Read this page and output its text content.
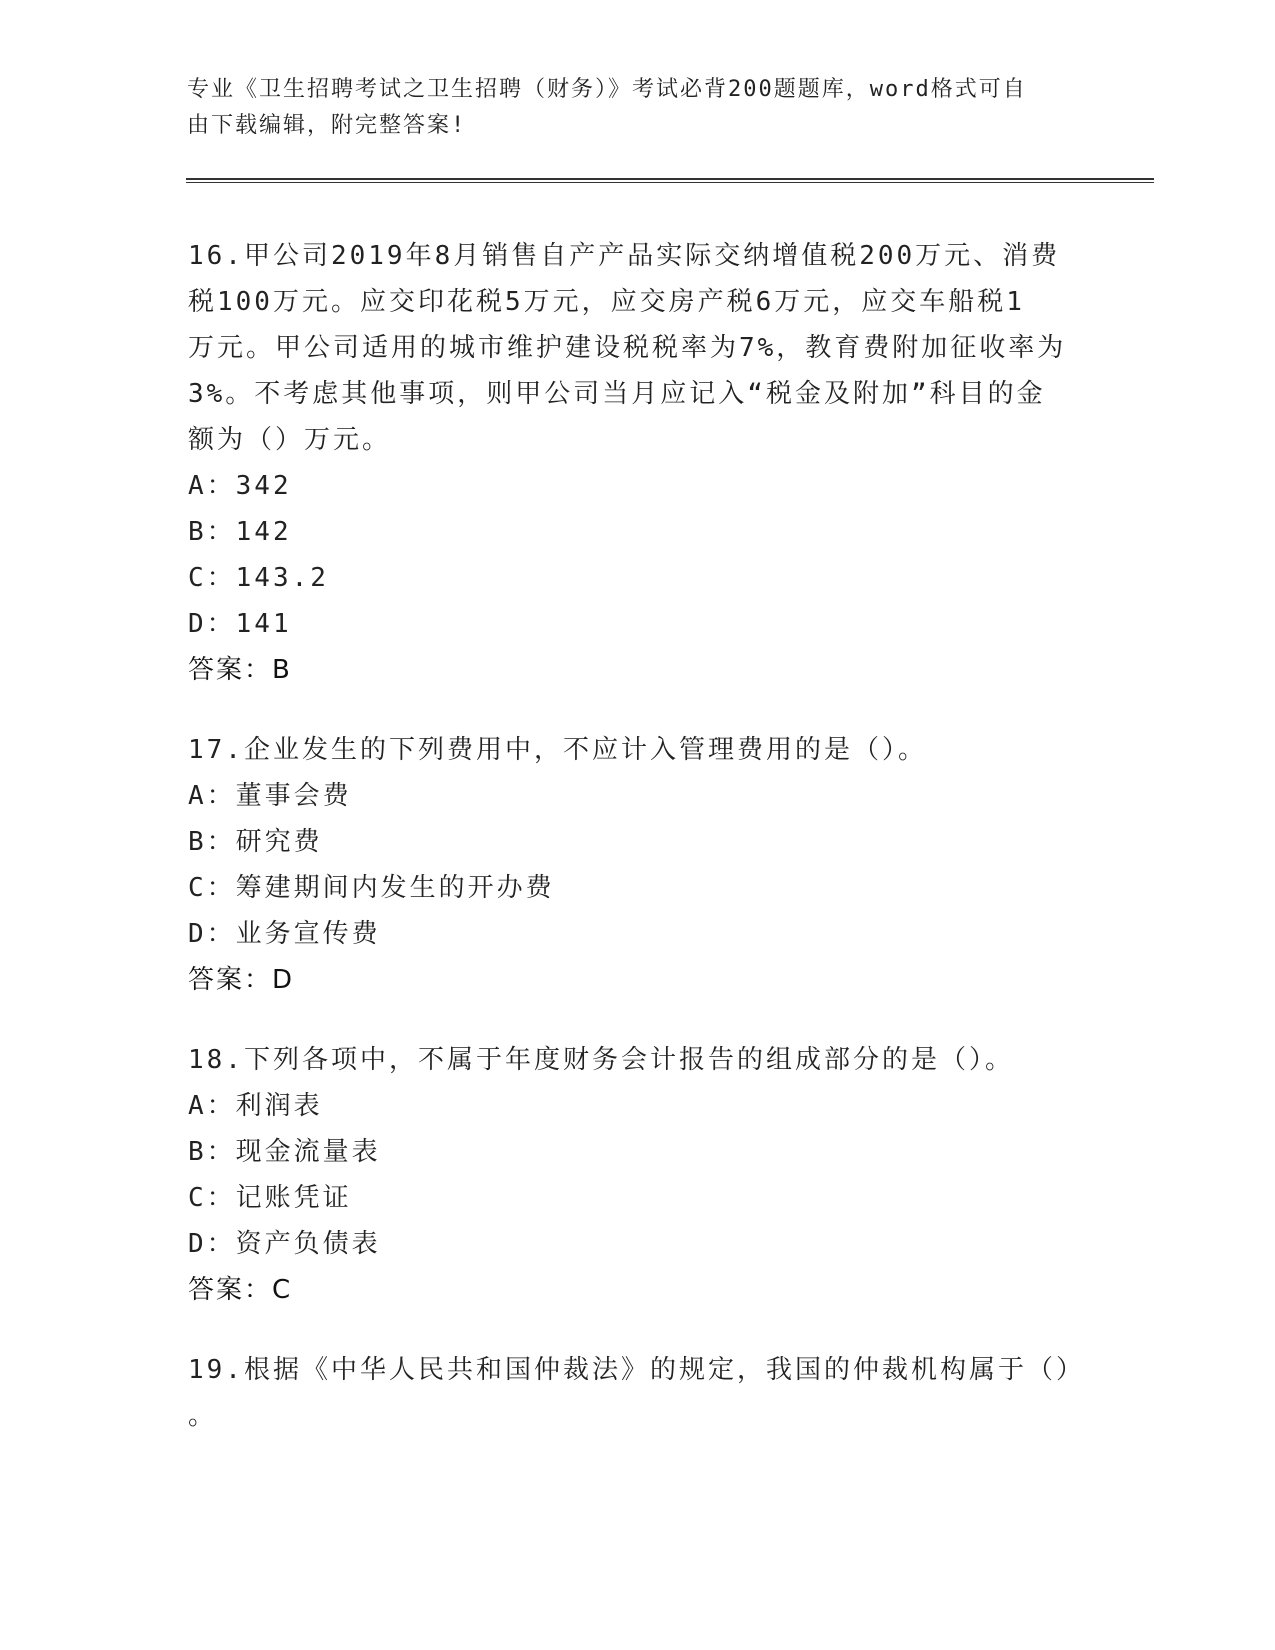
专业《卫生招聘考试之卫生招聘（财务）》考试必背200题题库，word格式可自
由下载编辑，附完整答案!

16.甲公司2019年8月销售自产产品实际交纳增值税200万元、消费

税100万元。应交印花税5万元，应交房产税6万元，应交车船税1

万元。甲公司适用的城市维护建设税税率为7%，教育费附加征收率为

3%。不考虑其他事项，则甲公司当月应记入“税金及附加”科目的金

额为（）万元。

A：342

B：142

C：143.2

D：141

答案：B

17.企业发生的下列费用中，不应计入管理费用的是（）。

A：董事会费

B：研究费

C：筹建期间内发生的开办费

D：业务宣传费

答案：D

18.下列各项中，不属于年度财务会计报告的组成部分的是（）。

A：利润表

B：现金流量表

C：记账凭证

D：资产负债表

答案：C

19.根据《中华人民共和国仲裁法》的规定，我国的仲裁机构属于（）

。
